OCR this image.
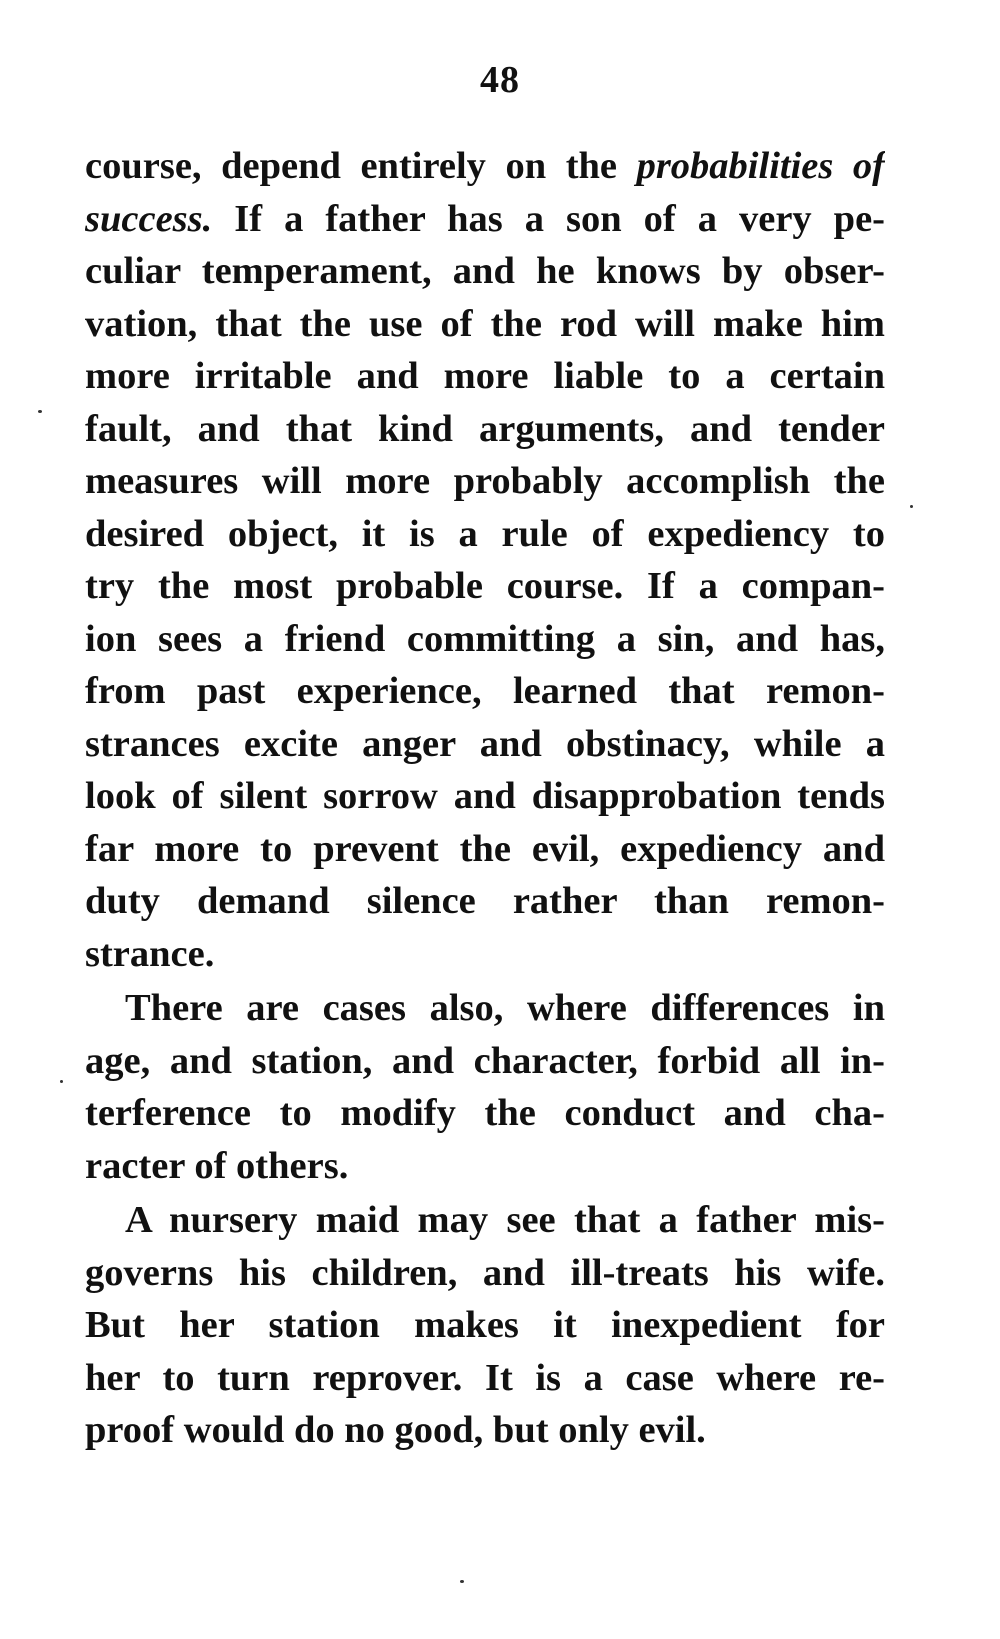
48
course, depend entirely on the probabilities of
success. If a father has a son of a very pe-
culiar temperament, and he knows by obser-
vation, that the use of the rod will make him
more irritable and more liable to a certain
fault, and that kind arguments, and tender
measures will more probably accomplish the
desired object, it is a rule of expediency to
try the most probable course. If a compan-
ion sees a friend committing a sin, and has,
from past experience, learned that remon-
strances excite anger and obstinacy, while a
look of silent sorrow and disapprobation tends
far more to prevent the evil, expediency and
duty demand silence rather than remon-
strance.
There are cases also, where differences in
age, and station, and character, forbid all in-
terference to modify the conduct and cha-
racter of others.
A nursery maid may see that a father mis-
governs his children, and ill-treats his wife.
But her station makes it inexpedient for
her to turn reprover. It is a case where re-
proof would do no good, but only evil.
